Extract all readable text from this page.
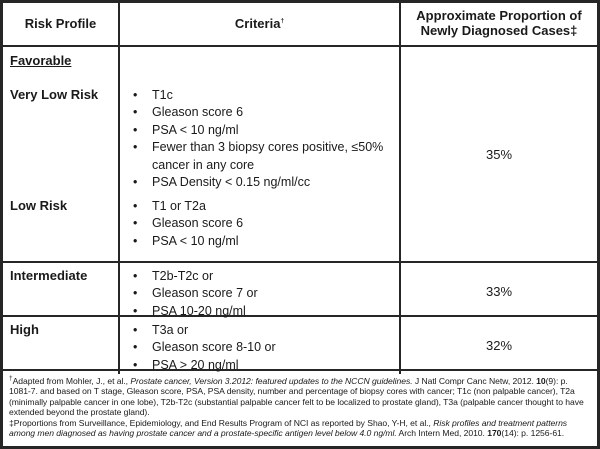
Risk Profile	Criteria†	Approximate Proportion of Newly Diagnosed Cases‡
Favorable
Very Low Risk	• T1c
• Gleason score 6
• PSA < 10 ng/ml
• Fewer than 3 biopsy cores positive, ≤50% cancer in any core
• PSA Density < 0.15 ng/ml/cc
Low Risk	• T1 or T2a
• Gleason score 6
• PSA < 10 ng/ml
35%
Intermediate	• T2b-T2c or
• Gleason score 7 or
• PSA 10-20 ng/ml
33%
High	• T3a or
• Gleason score 8-10 or
• PSA > 20 ng/ml
32%
†Adapted from Mohler, J., et al., Prostate cancer, Version 3.2012: featured updates to the NCCN guidelines. J Natl Compr Canc Netw, 2012. 10(9): p. 1081-7. and based on T stage, Gleason score, PSA, PSA density, number and percentage of biopsy cores with cancer; T1c (non palpable cancer), T2a (minimally palpable cancer in one lobe), T2b-T2c (substantial palpable cancer felt to be localized to prostate gland), T3a (palpable cancer thought to have extended beyond the prostate gland).
‡Proportions from Surveillance, Epidemiology, and End Results Program of NCI as reported by Shao, Y-H, et al., Risk profiles and treatment patterns among men diagnosed as having prostate cancer and a prostate-specific antigen level below 4.0 ng/ml. Arch Intern Med, 2010. 170(14): p. 1256-61.
